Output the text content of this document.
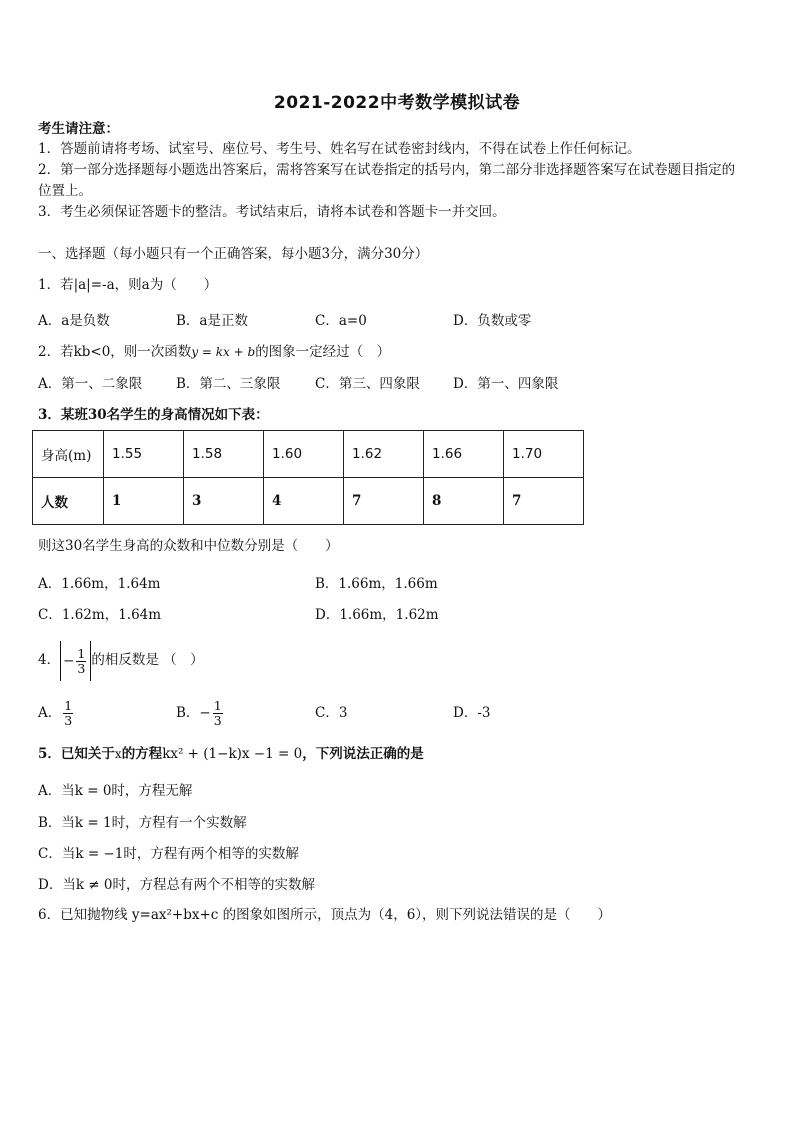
2021-2022中考数学模拟试卷
考生请注意：
1．答题前请将考场、试室号、座位号、考生号、姓名写在试卷密封线内，不得在试卷上作任何标记。
2．第一部分选择题每小题选出答案后，需将答案写在试卷指定的括号内，第二部分非选择题答案写在试卷题目指定的
位置上。
3．考生必须保证答题卡的整洁。考试结束后，请将本试卷和答题卡一并交回。
一、选择题（每小题只有一个正确答案，每小题3分，满分30分）
1．若|a|=-a，则a为（　　）
A．a是负数	B．a是正数	C．a=0	D．负数或零
2．若kb<0，则一次函数y = kx + b的图象一定经过（　）
A．第一、二象限	B．第二、三象限	C．第三、四象限 D．第一、四象限
3．某班30名学生的身高情况如下表：
身高(m)	1.55	1.58	1.60	1.62	1.66	1.70
人数	1	3	4	7	8	7
则这30名学生身高的众数和中位数分别是（　　）
A．1.66m，1.64m	B．1.66m，1.66m
C．1.62m，1.64m	D．1.66m，1.62m
4． − $\frac{1}{3}$ 的相反数是 （　）
A． $\frac{1}{3}$	B．− $\frac{1}{3}$	C．3	D．-3
5．已知关于x的方程kx² + (1−k)x −1 = 0，下列说法正确的是
A．当k = 0时，方程无解
B．当k = 1时，方程有一个实数解
C．当k = −1时，方程有两个相等的实数解
D．当k ≠ 0时，方程总有两个不相等的实数解
6．已知抛物线 y=ax²+bx+c 的图象如图所示，顶点为（4，6），则下列说法错误的是（　　）
